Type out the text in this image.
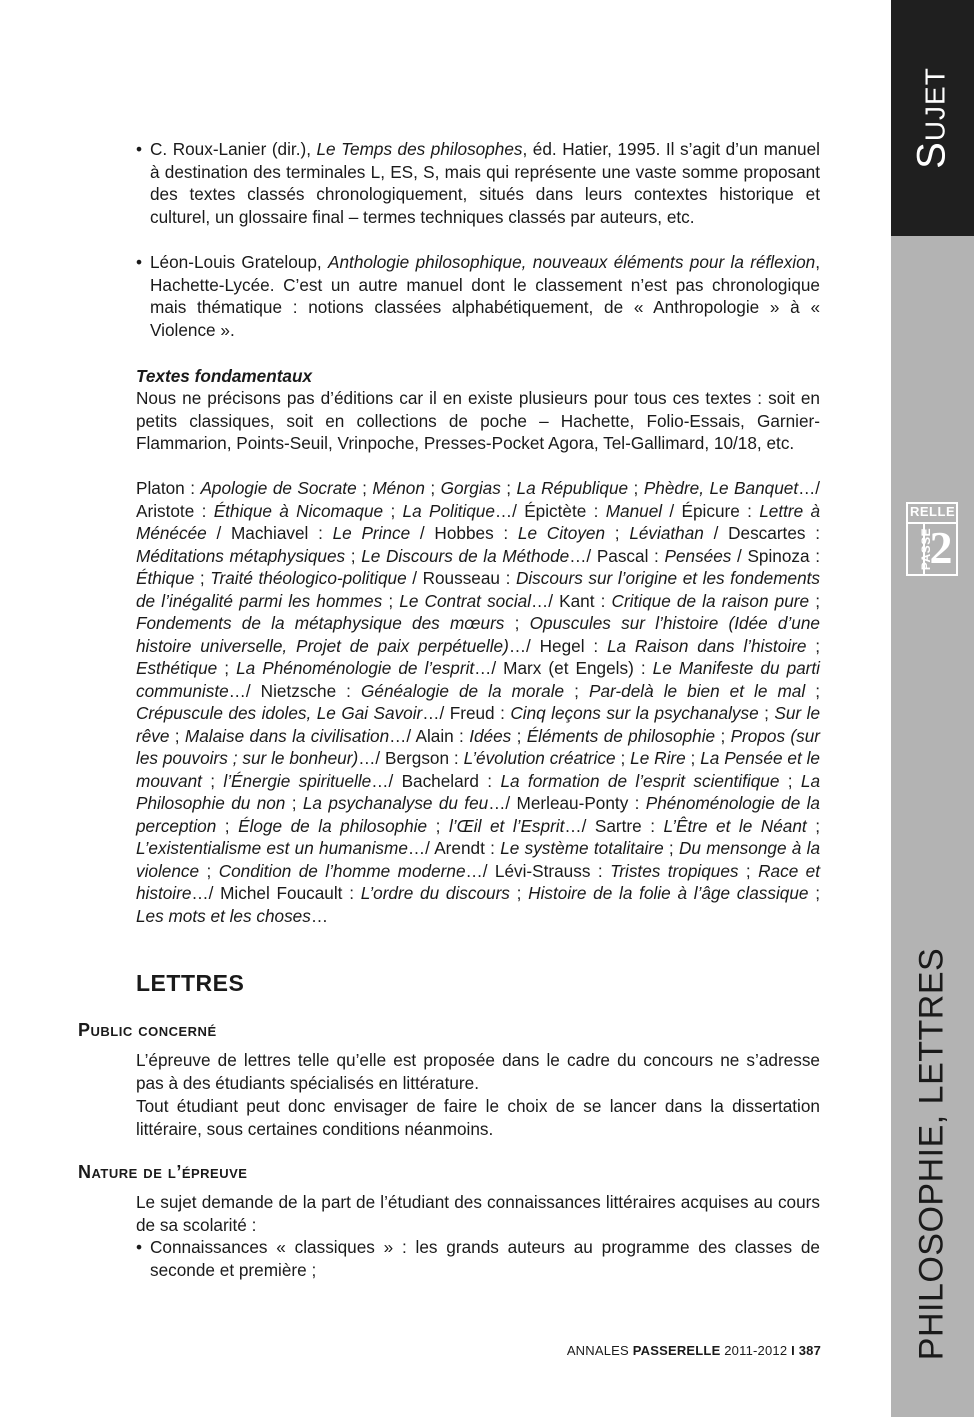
Sujet
RELLE
PASSE
2
PHILOSOPHIE, LETTRES
• C. Roux-Lanier (dir.), Le Temps des philosophes, éd. Hatier, 1995. Il s’agit d’un manuel à destination des terminales L, ES, S, mais qui représente une vaste somme proposant des textes classés chronologiquement, situés dans leurs contextes historique et culturel, un glossaire final – termes techniques classés par auteurs, etc.
• Léon-Louis Grateloup, Anthologie philosophique, nouveaux éléments pour la réflexion, Hachette-Lycée. C’est un autre manuel dont le classement n’est pas chronologique mais thématique : notions classées alphabétiquement, de « Anthropologie » à « Violence ».
Textes fondamentaux

Nous ne précisons pas d’éditions car il en existe plusieurs pour tous ces textes : soit en petits classiques, soit en collections de poche – Hachette, Folio-Essais, Garnier-Flammarion, Points-Seuil, Vrinpoche, Presses-Pocket Agora, Tel-Gallimard, 10/18, etc.

Platon : Apologie de Socrate ; Ménon ; Gorgias ; La République ; Phèdre, Le Banquet…/ Aristote : Éthique à Nicomaque ; La Politique…/ Épictète : Manuel / Épicure : Lettre à Ménécée / Machiavel : Le Prince / Hobbes : Le Citoyen ; Léviathan / Descartes : Méditations métaphysiques ; Le Discours de la Méthode…/ Pascal : Pensées / Spinoza : Éthique ; Traité théologico-politique / Rousseau : Discours sur l’origine et les fondements de l’inégalité parmi les hommes ; Le Contrat social…/ Kant : Critique de la raison pure ; Fondements de la métaphysique des mœurs ; Opuscules sur l’histoire (Idée d’une histoire universelle, Projet de paix perpétuelle)…/ Hegel : La Raison dans l’histoire ; Esthétique ; La Phénoménologie de l’esprit…/ Marx (et Engels) : Le Manifeste du parti communiste…/ Nietzsche : Généalogie de la morale ; Par-delà le bien et le mal ; Crépuscule des idoles, Le Gai Savoir…/ Freud : Cinq leçons sur la psychanalyse ; Sur le rêve ; Malaise dans la civilisation…/ Alain : Idées ; Éléments de philosophie ; Propos (sur les pouvoirs ; sur le bonheur)…/ Bergson : L’évolution créatrice ; Le Rire ; La Pensée et le mouvant ; l’Énergie spirituelle…/ Bachelard : La formation de l’esprit scientifique ; La Philosophie du non ; La psychanalyse du feu…/ Merleau-Ponty : Phénoménologie de la perception ; Éloge de la philosophie ; l’Œil et l’Esprit…/ Sartre : L’Être et le Néant ; L’existentialisme est un humanisme…/ Arendt : Le système totalitaire ; Du mensonge à la violence ; Condition de l’homme moderne…/ Lévi-Strauss : Tristes tropiques ; Race et histoire…/ Michel Foucault : L’ordre du discours ; Histoire de la folie à l’âge classique ; Les mots et les choses…

LETTRES
Public concerné

L’épreuve de lettres telle qu’elle est proposée dans le cadre du concours ne s’adresse pas à des étudiants spécialisés en littérature.

Tout étudiant peut donc envisager de faire le choix de se lancer dans la dissertation littéraire, sous certaines conditions néanmoins.

Nature de l’épreuve

Le sujet demande de la part de l’étudiant des connaissances littéraires acquises au cours de sa scolarité :

• Connaissances « classiques » : les grands auteurs au programme des classes de seconde et première ;
ANNALES PASSERELLE 2011-2012 I 387
